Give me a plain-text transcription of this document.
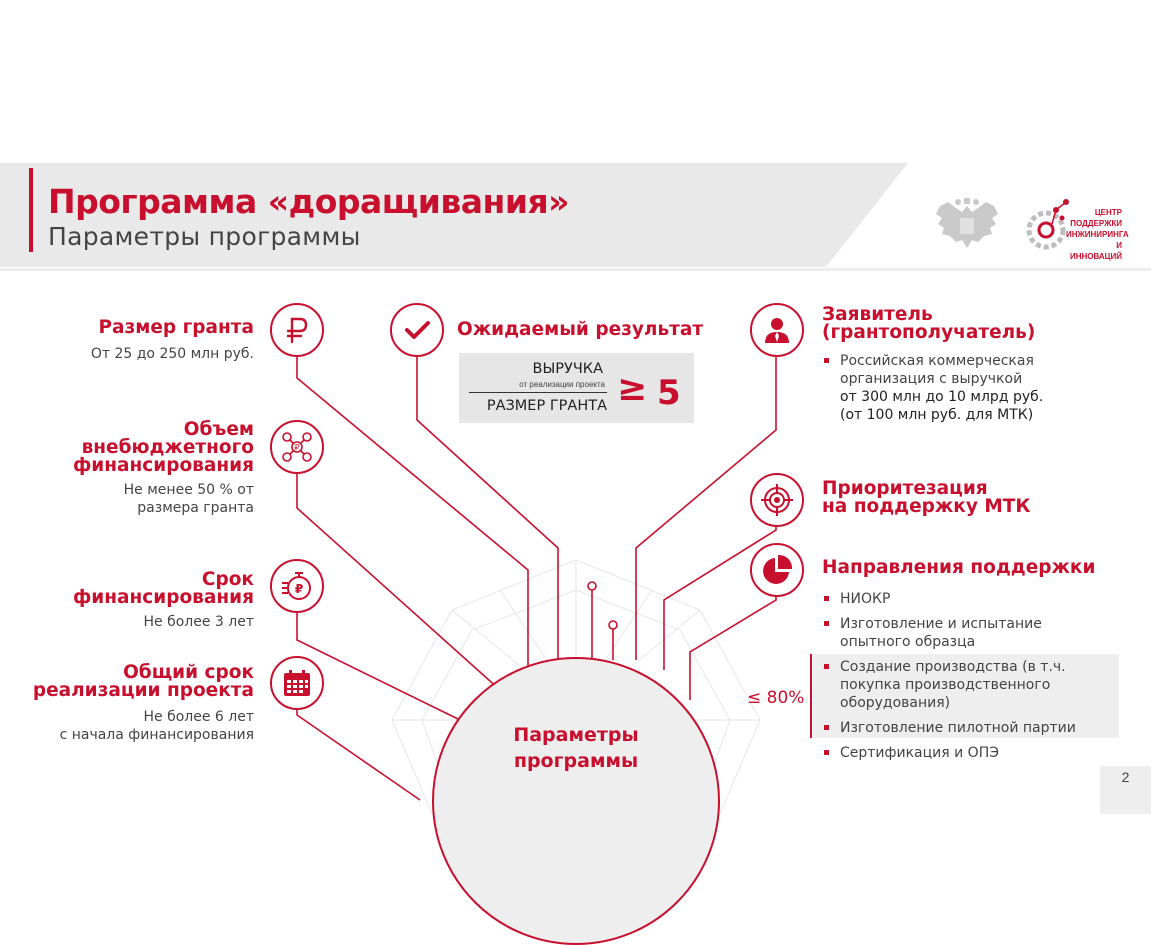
Программа «доращивания»
Параметры программы
ЦЕНТР
ПОДДЕРЖКИ
ИНЖИНИРИНГА
И ИННОВАЦИЙ
Параметры
программы
Размер гранта
От 25 до 250 млн руб.
₽
Объем
внебюджетного
финансирования
Не менее 50 % от
размера гранта
₽
Срок
финансирования
Не более 3 лет
Общий срок
реализации проекта
Не более 6 лет
с начала финансирования
Ожидаемый результат
ВЫРУЧКА
от реализации проекта
РАЗМЕР ГРАНТА ≥ 5
Заявитель
(грантополучатель)
Российская коммерческая
организация с выручкой
от 300 млн до 10 млрд руб.
(от 100 млн руб. для МТК)
Приоритезация
на поддержку МТК
Направления поддержки
≤ 80%
НИОКР
Изготовление и испытание
опытного образца
Создание производства (в т.ч.
покупка производственного
оборудования)
Изготовление пилотной партии
Сертификация и ОПЭ
2
